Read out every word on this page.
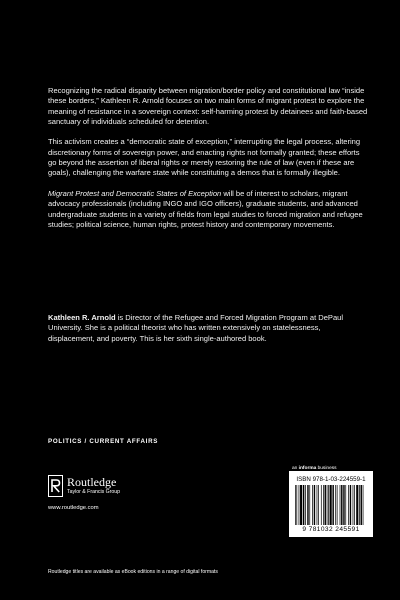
Recognizing the radical disparity between migration/border policy and constitutional law “inside these borders,” Kathleen R. Arnold focuses on two main forms of migrant protest to explore the meaning of resistance in a sovereign context: self-harming protest by detainees and faith-based sanctuary of individuals scheduled for detention.

This activism creates a “democratic state of exception,” interrupting the legal process, altering discretionary forms of sovereign power, and enacting rights not formally granted; these efforts go beyond the assertion of liberal rights or merely restoring the rule of law (even if these are goals), challenging the warfare state while constituting a demos that is formally illegible.

Migrant Protest and Democratic States of Exception will be of interest to scholars, migrant advocacy professionals (including INGO and IGO officers), graduate students, and advanced undergraduate students in a variety of fields from legal studies to forced migration and refugee studies; political science, human rights, protest history and contemporary movements.

Kathleen R. Arnold is Director of the Refugee and Forced Migration Program at DePaul University. She is a political theorist who has written extensively on statelessness, displacement, and poverty. This is her sixth single-authored book.
POLITICS / CURRENT AFFAIRS
an informa business
Routledge
Taylor & Francis Group
www.routledge.com
ISBN 978-1-03-224559-1
9 781032 245591
Routledge titles are available as eBook editions in a range of digital formats
